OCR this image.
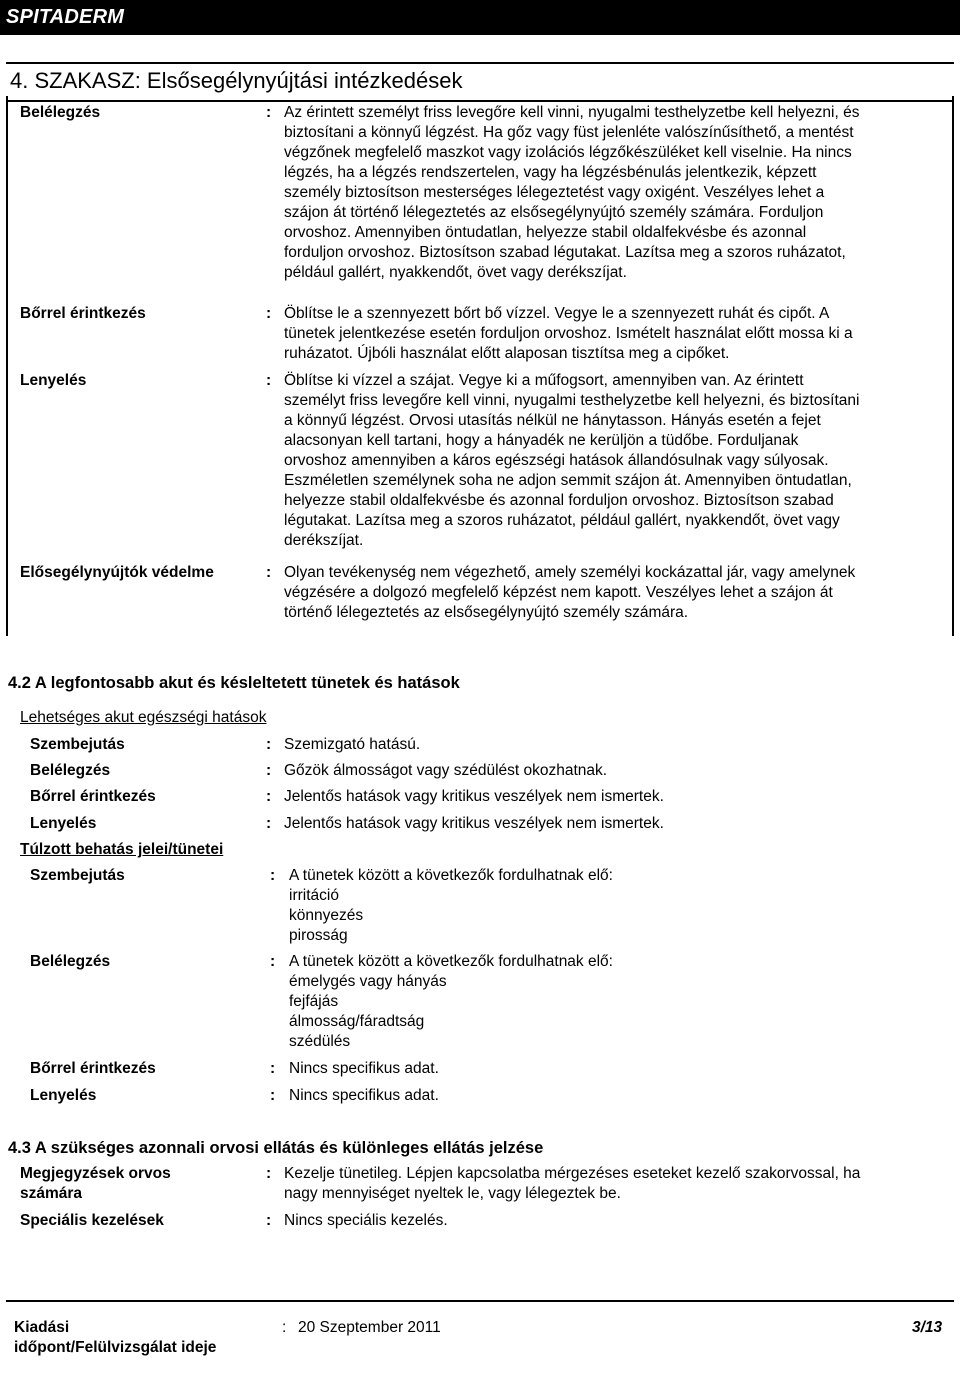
SPITADERM
4. SZAKASZ: Elsősegélynyújtási intézkedések
Belélegzés	: Az érintett személyt friss levegőre kell vinni, nyugalmi testhelyzetbe kell helyezni, és
biztosítani a könnyű légzést. Ha gőz vagy füst jelenléte valószínűsíthető, a mentést
végzőnek megfelelő maszkot vagy izolációs légzőkészüléket kell viselnie. Ha nincs
légzés, ha a légzés rendszertelen, vagy ha légzésbénulás jelentkezik, képzett
személy biztosítson mesterséges lélegeztetést vagy oxigént. Veszélyes lehet a
szájon át történő lélegeztetés az elsősegélynyújtó személy számára. Forduljon
orvoshoz. Amennyiben öntudatlan, helyezze stabil oldalfekvésbe és azonnal
forduljon orvoshoz. Biztosítson szabad légutakat. Lazítsa meg a szoros ruházatot,
például gallért, nyakkendőt, övet vagy derékszíjat.
Bőrrel érintkezés	: Öblítse le a szennyezett bőrt bő vízzel. Vegye le a szennyezett ruhát és cipőt. A
tünetek jelentkezése esetén forduljon orvoshoz. Ismételt használat előtt mossa ki a
ruházatot. Újbóli használat előtt alaposan tisztítsa meg a cipőket.
Lenyelés	: Öblítse ki vízzel a szájat. Vegye ki a műfogsort, amennyiben van. Az érintett
személyt friss levegőre kell vinni, nyugalmi testhelyzetbe kell helyezni, és biztosítani
a könnyű légzést. Orvosi utasítás nélkül ne hánytasson. Hányás esetén a fejet
alacsonyan kell tartani, hogy a hányadék ne kerüljön a tüdőbe. Forduljanak
orvoshoz amennyiben a káros egészségi hatások állandósulnak vagy súlyosak.
Eszméletlen személynek soha ne adjon semmit szájon át. Amennyiben öntudatlan,
helyezze stabil oldalfekvésbe és azonnal forduljon orvoshoz. Biztosítson szabad
légutakat. Lazítsa meg a szoros ruházatot, például gallért, nyakkendőt, övet vagy
derékszíjat.
Elősegélynyújtók védelme	: Olyan tevékenység nem végezhető, amely személyi kockázattal jár, vagy amelynek
végzésére a dolgozó megfelelő képzést nem kapott. Veszélyes lehet a szájon át
történő lélegeztetés az elsősegélynyújtó személy számára.
4.2 A legfontosabb akut és késleltetett tünetek és hatások
Lehetséges akut egészségi hatások
Szembejutás	: Szemizgató hatású.
Belélegzés	: Gőzök álmosságot vagy szédülést okozhatnak.
Bőrrel érintkezés	: Jelentős hatások vagy kritikus veszélyek nem ismertek.
Lenyelés	: Jelentős hatások vagy kritikus veszélyek nem ismertek.
Túlzott behatás jelei/tünetei
Szembejutás	: A tünetek között a következők fordulhatnak elő:
irritáció
könnyezés
pirosság
Belélegzés	: A tünetek között a következők fordulhatnak elő:
émelygés vagy hányás
fejfájás
álmosság/fáradtság
szédülés
Bőrrel érintkezés	: Nincs specifikus adat.
Lenyelés	: Nincs specifikus adat.
4.3 A szükséges azonnali orvosi ellátás és különleges ellátás jelzése
Megjegyzések orvos
számára
: Kezelje tünetileg. Lépjen kapcsolatba mérgezéses eseteket kezelő szakorvossal, ha
nagy mennyiséget nyeltek le, vagy lélegeztek be.
Speciális kezelések	: Nincs speciális kezelés.
Kiadási
időpont/Felülvizsgálat ideje
: 20 Szeptember 2011	3/13
